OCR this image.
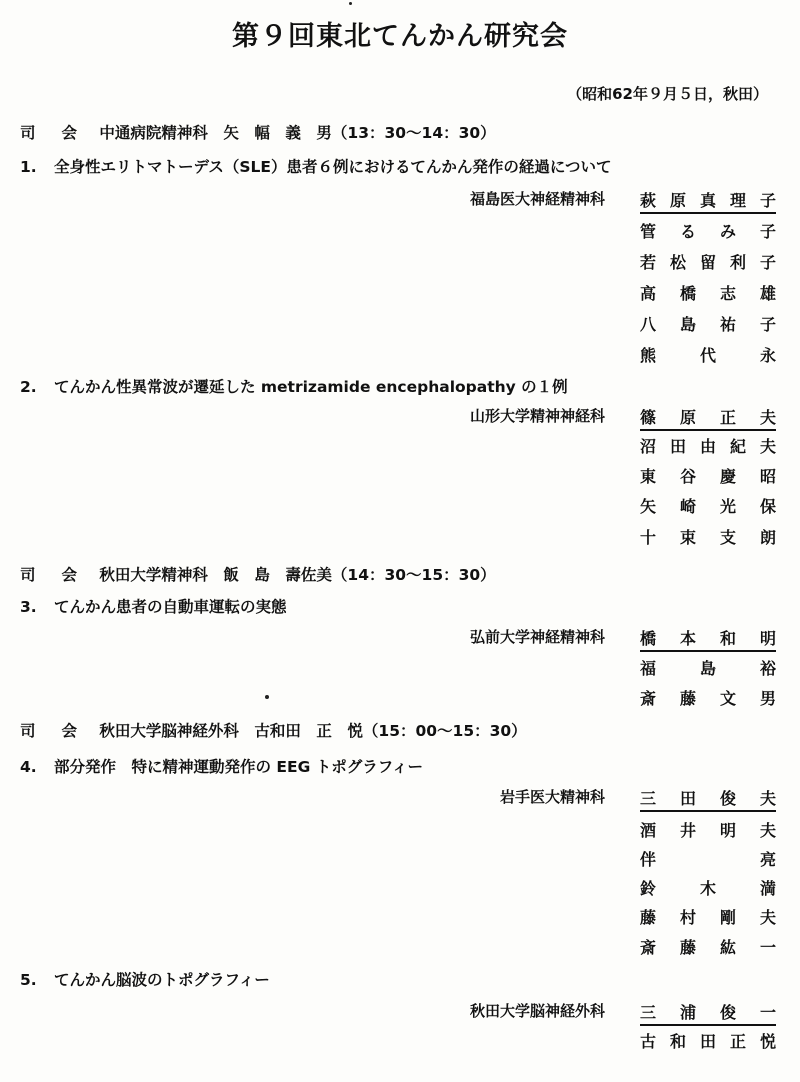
第９回東北てんかん研究会
（昭和62年９月５日，秋田）
司会 中通病院精神科　矢　幅　義　男（13：30〜14：30）
1. 全身性エリトマトーデス（SLE）患者６例におけるてんかん発作の経過について
福島医大神経精神科 萩原真理子
管るみ子
若松留利子
高橋志雄
八島祐子
熊代永
2. てんかん性異常波が遷延した metrizamide encephalopathy の１例
山形大学精神神経科 篠原正夫
沼田由紀夫
東谷慶昭
矢崎光保
十束支朗
司会 秋田大学精神科　飯　島　壽佐美（14：30〜15：30）
3. てんかん患者の自動車運転の実態
弘前大学神経精神科 橋本和明
福島裕
斎藤文男
司会 秋田大学脳神経外科　古和田　正　悦（15：00〜15：30）
4. 部分発作　特に精神運動発作の EEG トポグラフィー
岩手医大精神科 三田俊夫
酒井明夫
伴亮
鈴木満
藤村剛夫
斎藤紘一
5. てんかん脳波のトポグラフィー
秋田大学脳神経外科 三浦俊一
古和田正悦
